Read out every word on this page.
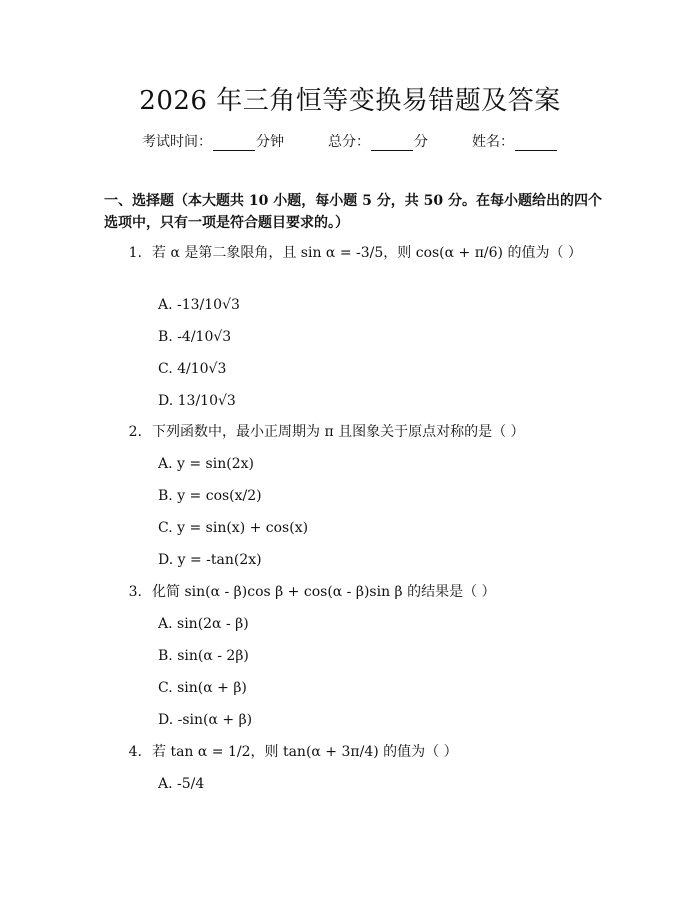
2026 年三角恒等变换易错题及答案
考试时间：	分钟	总分：	分	姓名：
一、选择题（本大题共 10 小题，每小题 5 分，共 50 分。在每小题给出的四个选项中，只有一项是符合题目要求的。）
1. 若 α 是第二象限角，且 sin α = -3/5，则 cos(α + π/6) 的值为（ ）
A. -13/10√3
B. -4/10√3
C. 4/10√3
D. 13/10√3
2. 下列函数中，最小正周期为 π 且图象关于原点对称的是（ ）
A. y = sin(2x)
B. y = cos(x/2)
C. y = sin(x) + cos(x)
D. y = -tan(2x)
3. 化简 sin(α - β)cos β + cos(α - β)sin β 的结果是（ ）
A. sin(2α - β)
B. sin(α - 2β)
C. sin(α + β)
D. -sin(α + β)
4. 若 tan α = 1/2，则 tan(α + 3π/4) 的值为（ ）
A. -5/4
